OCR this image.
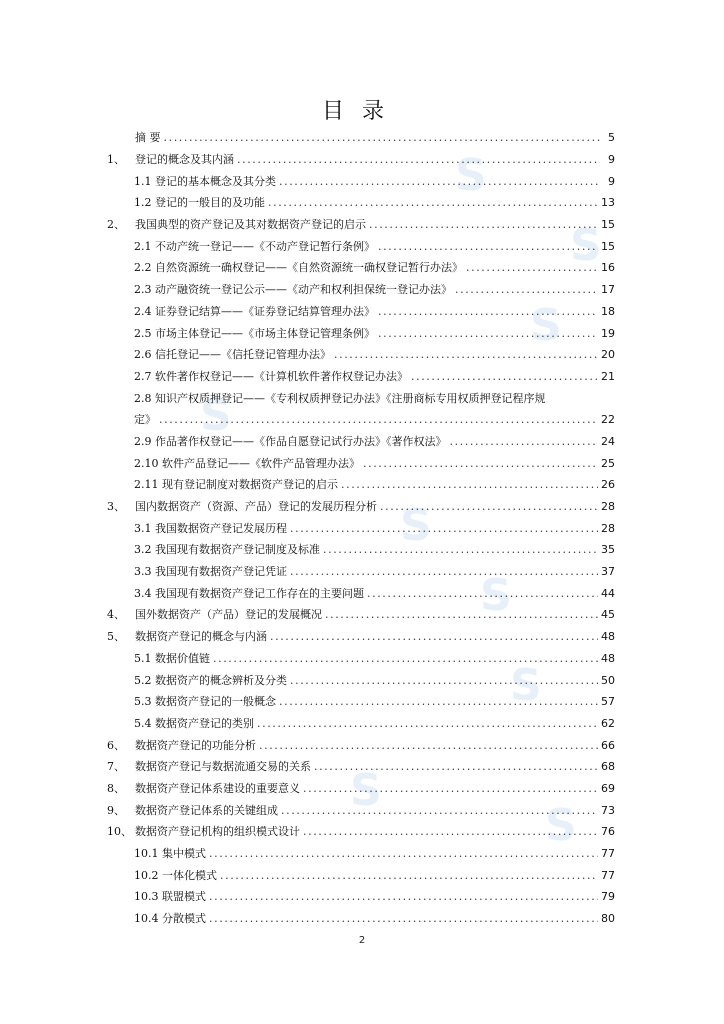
S
S
S
S
S
S
S
S
S
目录
摘 要 .....	5
1、 登记的概念及其内涵 .....	9
1.1 登记的基本概念及其分类 .....	9
1.2 登记的一般目的及功能 .....	13
2、 我国典型的资产登记及其对数据资产登记的启示 .....	15
2.1 不动产统一登记——《不动产登记暂行条例》 .....	15
2.2 自然资源统一确权登记——《自然资源统一确权登记暂行办法》 .....	16
2.3 动产融资统一登记公示——《动产和权利担保统一登记办法》 .....	17
2.4 证券登记结算——《证券登记结算管理办法》 .....	18
2.5 市场主体登记——《市场主体登记管理条例》 .....	19
2.6 信托登记——《信托登记管理办法》 .....	20
2.7 软件著作权登记——《计算机软件著作权登记办法》 .....	21
2.8 知识产权质押登记——《专利权质押登记办法》《注册商标专用权质押登记程序规
定》 .....	22
2.9 作品著作权登记——《作品自愿登记试行办法》《著作权法》 .....	24
2.10 软件产品登记——《软件产品管理办法》 .....	25
2.11 现有登记制度对数据资产登记的启示 .....	26
3、 国内数据资产（资源、产品）登记的发展历程分析 .....	28
3.1 我国数据资产登记发展历程 .....	28
3.2 我国现有数据资产登记制度及标准 .....	35
3.3 我国现有数据资产登记凭证 .....	37
3.4 我国现有数据资产登记工作存在的主要问题 .....	44
4、 国外数据资产（产品）登记的发展概况 .....	45
5、 数据资产登记的概念与内涵 .....	48
5.1 数据价值链 .....	48
5.2 数据资产的概念辨析及分类 .....	50
5.3 数据资产登记的一般概念 .....	57
5.4 数据资产登记的类别 .....	62
6、 数据资产登记的功能分析 .....	66
7、 数据资产登记与数据流通交易的关系 .....	68
8、 数据资产登记体系建设的重要意义 .....	69
9、 数据资产登记体系的关键组成 .....	73
10、 数据资产登记机构的组织模式设计 .....	76
10.1 集中模式 .....	77
10.2 一体化模式 .....	77
10.3 联盟模式 .....	79
10.4 分散模式 .....	80
2
